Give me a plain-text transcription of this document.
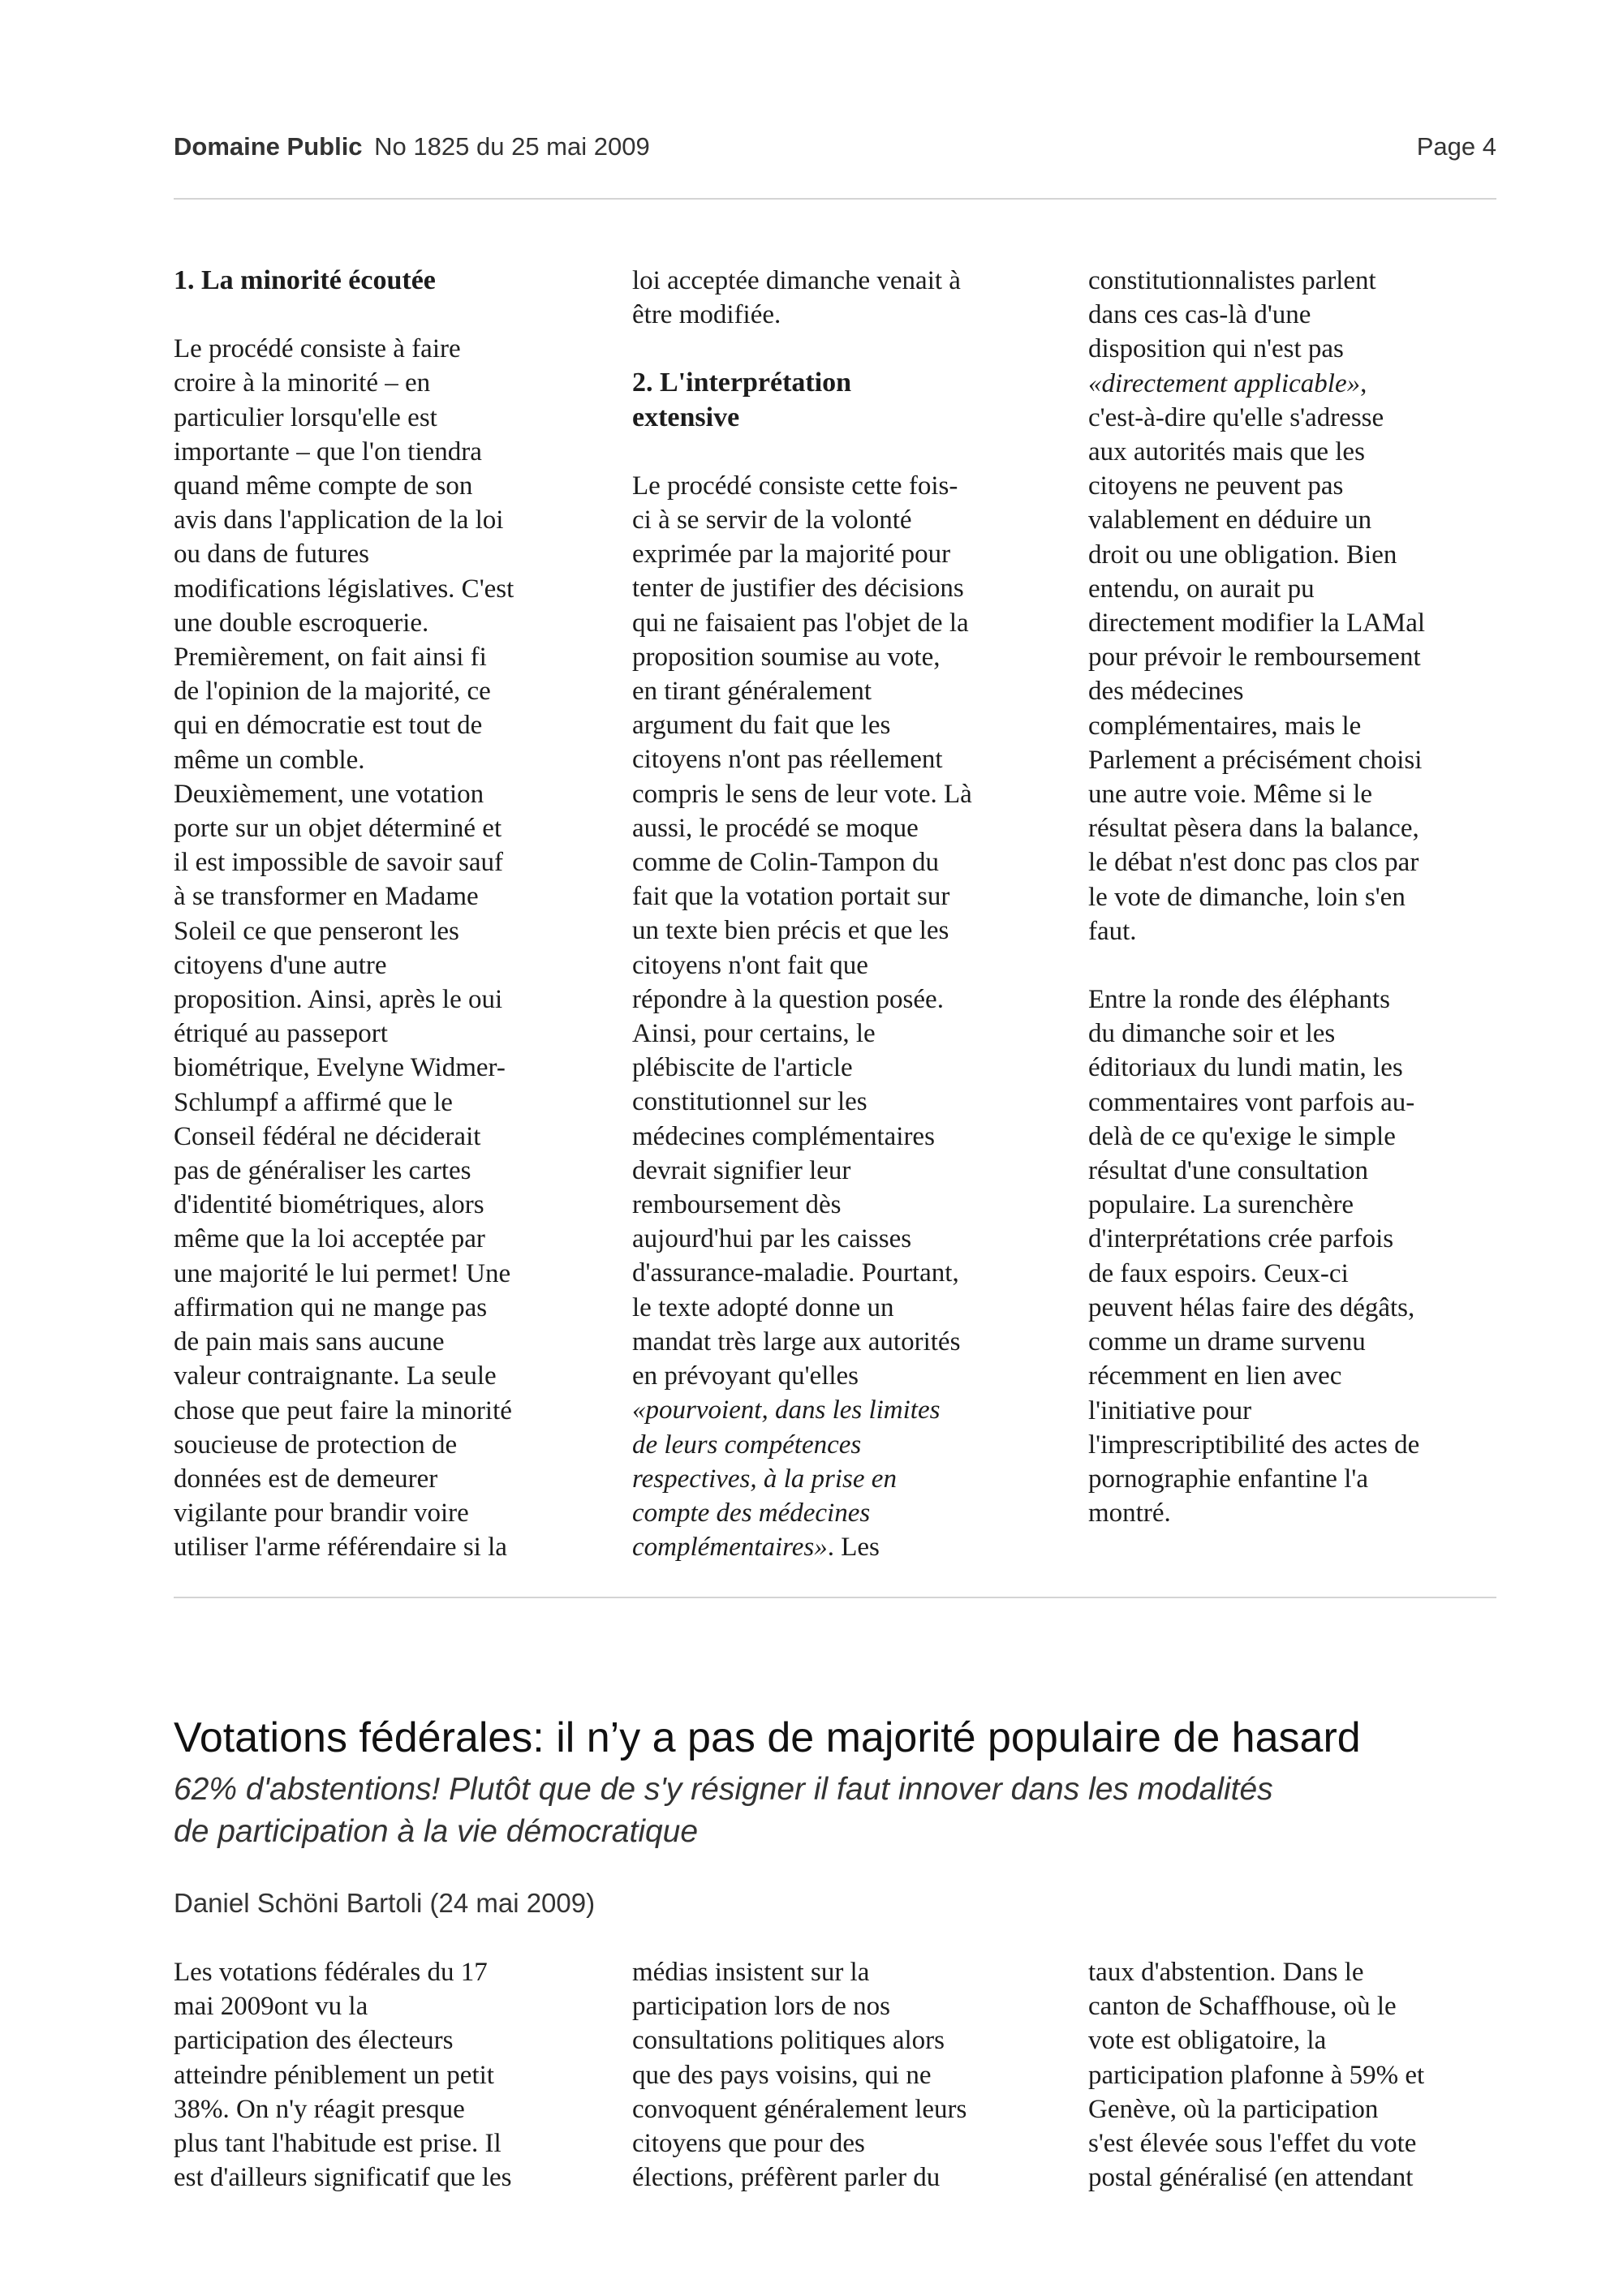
Domaine Public No 1825 du 25 mai 2009	Page 4
1. La minorité écoutée
Le procédé consiste à faire
croire à la minorité – en
particulier lorsqu'elle est
importante – que l'on tiendra
quand même compte de son
avis dans l'application de la loi
ou dans de futures
modifications législatives. C'est
une double escroquerie.
Premièrement, on fait ainsi fi
de l'opinion de la majorité, ce
qui en démocratie est tout de
même un comble.
Deuxièmement, une votation
porte sur un objet déterminé et
il est impossible de savoir sauf
à se transformer en Madame
Soleil ce que penseront les
citoyens d'une autre
proposition. Ainsi, après le oui
étriqué au passeport
biométrique, Evelyne Widmer-
Schlumpf a affirmé que le
Conseil fédéral ne déciderait
pas de généraliser les cartes
d'identité biométriques, alors
même que la loi acceptée par
une majorité le lui permet! Une
affirmation qui ne mange pas
de pain mais sans aucune
valeur contraignante. La seule
chose que peut faire la minorité
soucieuse de protection de
données est de demeurer
vigilante pour brandir voire
utiliser l'arme référendaire si la

loi acceptée dimanche venait à
être modifiée.

2. L'interprétation
extensive
Le procédé consiste cette fois-
ci à se servir de la volonté
exprimée par la majorité pour
tenter de justifier des décisions
qui ne faisaient pas l'objet de la
proposition soumise au vote,
en tirant généralement
argument du fait que les
citoyens n'ont pas réellement
compris le sens de leur vote. Là
aussi, le procédé se moque
comme de Colin-Tampon du
fait que la votation portait sur
un texte bien précis et que les
citoyens n'ont fait que
répondre à la question posée.
Ainsi, pour certains, le
plébiscite de l'article
constitutionnel sur les
médecines complémentaires
devrait signifier leur
remboursement dès
aujourd'hui par les caisses
d'assurance-maladie. Pourtant,
le texte adopté donne un
mandat très large aux autorités
en prévoyant qu'elles
«pourvoient, dans les limites
de leurs compétences
respectives, à la prise en
compte des médecines
complémentaires». Les

constitutionnalistes parlent
dans ces cas-là d'une
disposition qui n'est pas
«directement applicable»,
c'est-à-dire qu'elle s'adresse
aux autorités mais que les
citoyens ne peuvent pas
valablement en déduire un
droit ou une obligation. Bien
entendu, on aurait pu
directement modifier la LAMal
pour prévoir le remboursement
des médecines
complémentaires, mais le
Parlement a précisément choisi
une autre voie. Même si le
résultat pèsera dans la balance,
le débat n'est donc pas clos par
le vote de dimanche, loin s'en
faut.

Entre la ronde des éléphants
du dimanche soir et les
éditoriaux du lundi matin, les
commentaires vont parfois au-
delà de ce qu'exige le simple
résultat d'une consultation
populaire. La surenchère
d'interprétations crée parfois
de faux espoirs. Ceux-ci
peuvent hélas faire des dégâts,
comme un drame survenu
récemment en lien avec
l'initiative pour
l'imprescriptibilité des actes de
pornographie enfantine l'a
montré.

Votations fédérales: il n’y a pas de majorité populaire de hasard
62% d'abstentions! Plutôt que de s'y résigner il faut innover dans les modalités
de participation à la vie démocratique
Daniel Schöni Bartoli (24 mai 2009)
Les votations fédérales du 17
mai 2009ont vu la
participation des électeurs
atteindre péniblement un petit
38%. On n'y réagit presque
plus tant l'habitude est prise. Il
est d'ailleurs significatif que les
médias insistent sur la
participation lors de nos
consultations politiques alors
que des pays voisins, qui ne
convoquent généralement leurs
citoyens que pour des
élections, préfèrent parler du
taux d'abstention. Dans le
canton de Schaffhouse, où le
vote est obligatoire, la
participation plafonne à 59% et
Genève, où la participation
s'est élevée sous l'effet du vote
postal généralisé (en attendant
